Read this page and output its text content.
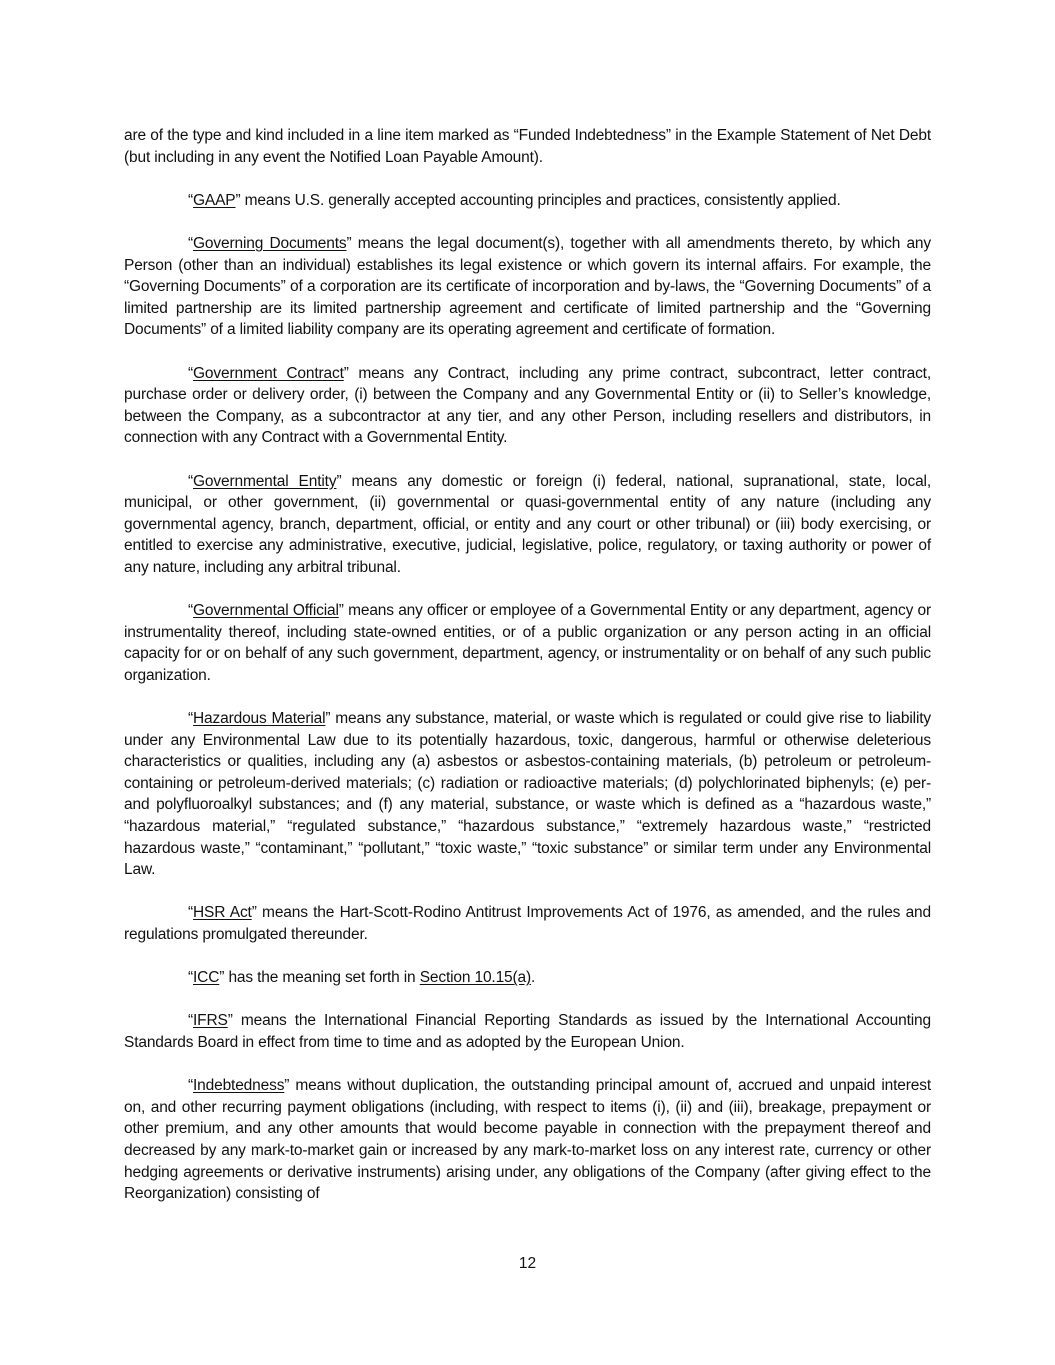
are of the type and kind included in a line item marked as “Funded Indebtedness” in the Example Statement of Net Debt (but including in any event the Notified Loan Payable Amount).

“GAAP” means U.S. generally accepted accounting principles and practices, consistently applied.

“Governing Documents” means the legal document(s), together with all amendments thereto, by which any Person (other than an individual) establishes its legal existence or which govern its internal affairs. For example, the “Governing Documents” of a corporation are its certificate of incorporation and by-laws, the “Governing Documents” of a limited partnership are its limited partnership agreement and certificate of limited partnership and the “Governing Documents” of a limited liability company are its operating agreement and certificate of formation.

“Government Contract” means any Contract, including any prime contract, subcontract, letter contract, purchase order or delivery order, (i) between the Company and any Governmental Entity or (ii) to Seller’s knowledge, between the Company, as a subcontractor at any tier, and any other Person, including resellers and distributors, in connection with any Contract with a Governmental Entity.

“Governmental Entity” means any domestic or foreign (i) federal, national, supranational, state, local, municipal, or other government, (ii) governmental or quasi-governmental entity of any nature (including any governmental agency, branch, department, official, or entity and any court or other tribunal) or (iii) body exercising, or entitled to exercise any administrative, executive, judicial, legislative, police, regulatory, or taxing authority or power of any nature, including any arbitral tribunal.

“Governmental Official” means any officer or employee of a Governmental Entity or any department, agency or instrumentality thereof, including state-owned entities, or of a public organization or any person acting in an official capacity for or on behalf of any such government, department, agency, or instrumentality or on behalf of any such public organization.

“Hazardous Material” means any substance, material, or waste which is regulated or could give rise to liability under any Environmental Law due to its potentially hazardous, toxic, dangerous, harmful or otherwise deleterious characteristics or qualities, including any (a) asbestos or asbestos-containing materials, (b) petroleum or petroleum-containing or petroleum-derived materials; (c) radiation or radioactive materials; (d) polychlorinated biphenyls; (e) per- and polyfluoroalkyl substances; and (f) any material, substance, or waste which is defined as a “hazardous waste,” “hazardous material,” “regulated substance,” “hazardous substance,” “extremely hazardous waste,” “restricted hazardous waste,” “contaminant,” “pollutant,” “toxic waste,” “toxic substance” or similar term under any Environmental Law.

“HSR Act” means the Hart-Scott-Rodino Antitrust Improvements Act of 1976, as amended, and the rules and regulations promulgated thereunder.

“ICC” has the meaning set forth in Section 10.15(a).

“IFRS” means the International Financial Reporting Standards as issued by the International Accounting Standards Board in effect from time to time and as adopted by the European Union.

“Indebtedness” means without duplication, the outstanding principal amount of, accrued and unpaid interest on, and other recurring payment obligations (including, with respect to items (i), (ii) and (iii), breakage, prepayment or other premium, and any other amounts that would become payable in connection with the prepayment thereof and decreased by any mark-to-market gain or increased by any mark-to-market loss on any interest rate, currency or other hedging agreements or derivative instruments) arising under, any obligations of the Company (after giving effect to the Reorganization) consisting of

12
